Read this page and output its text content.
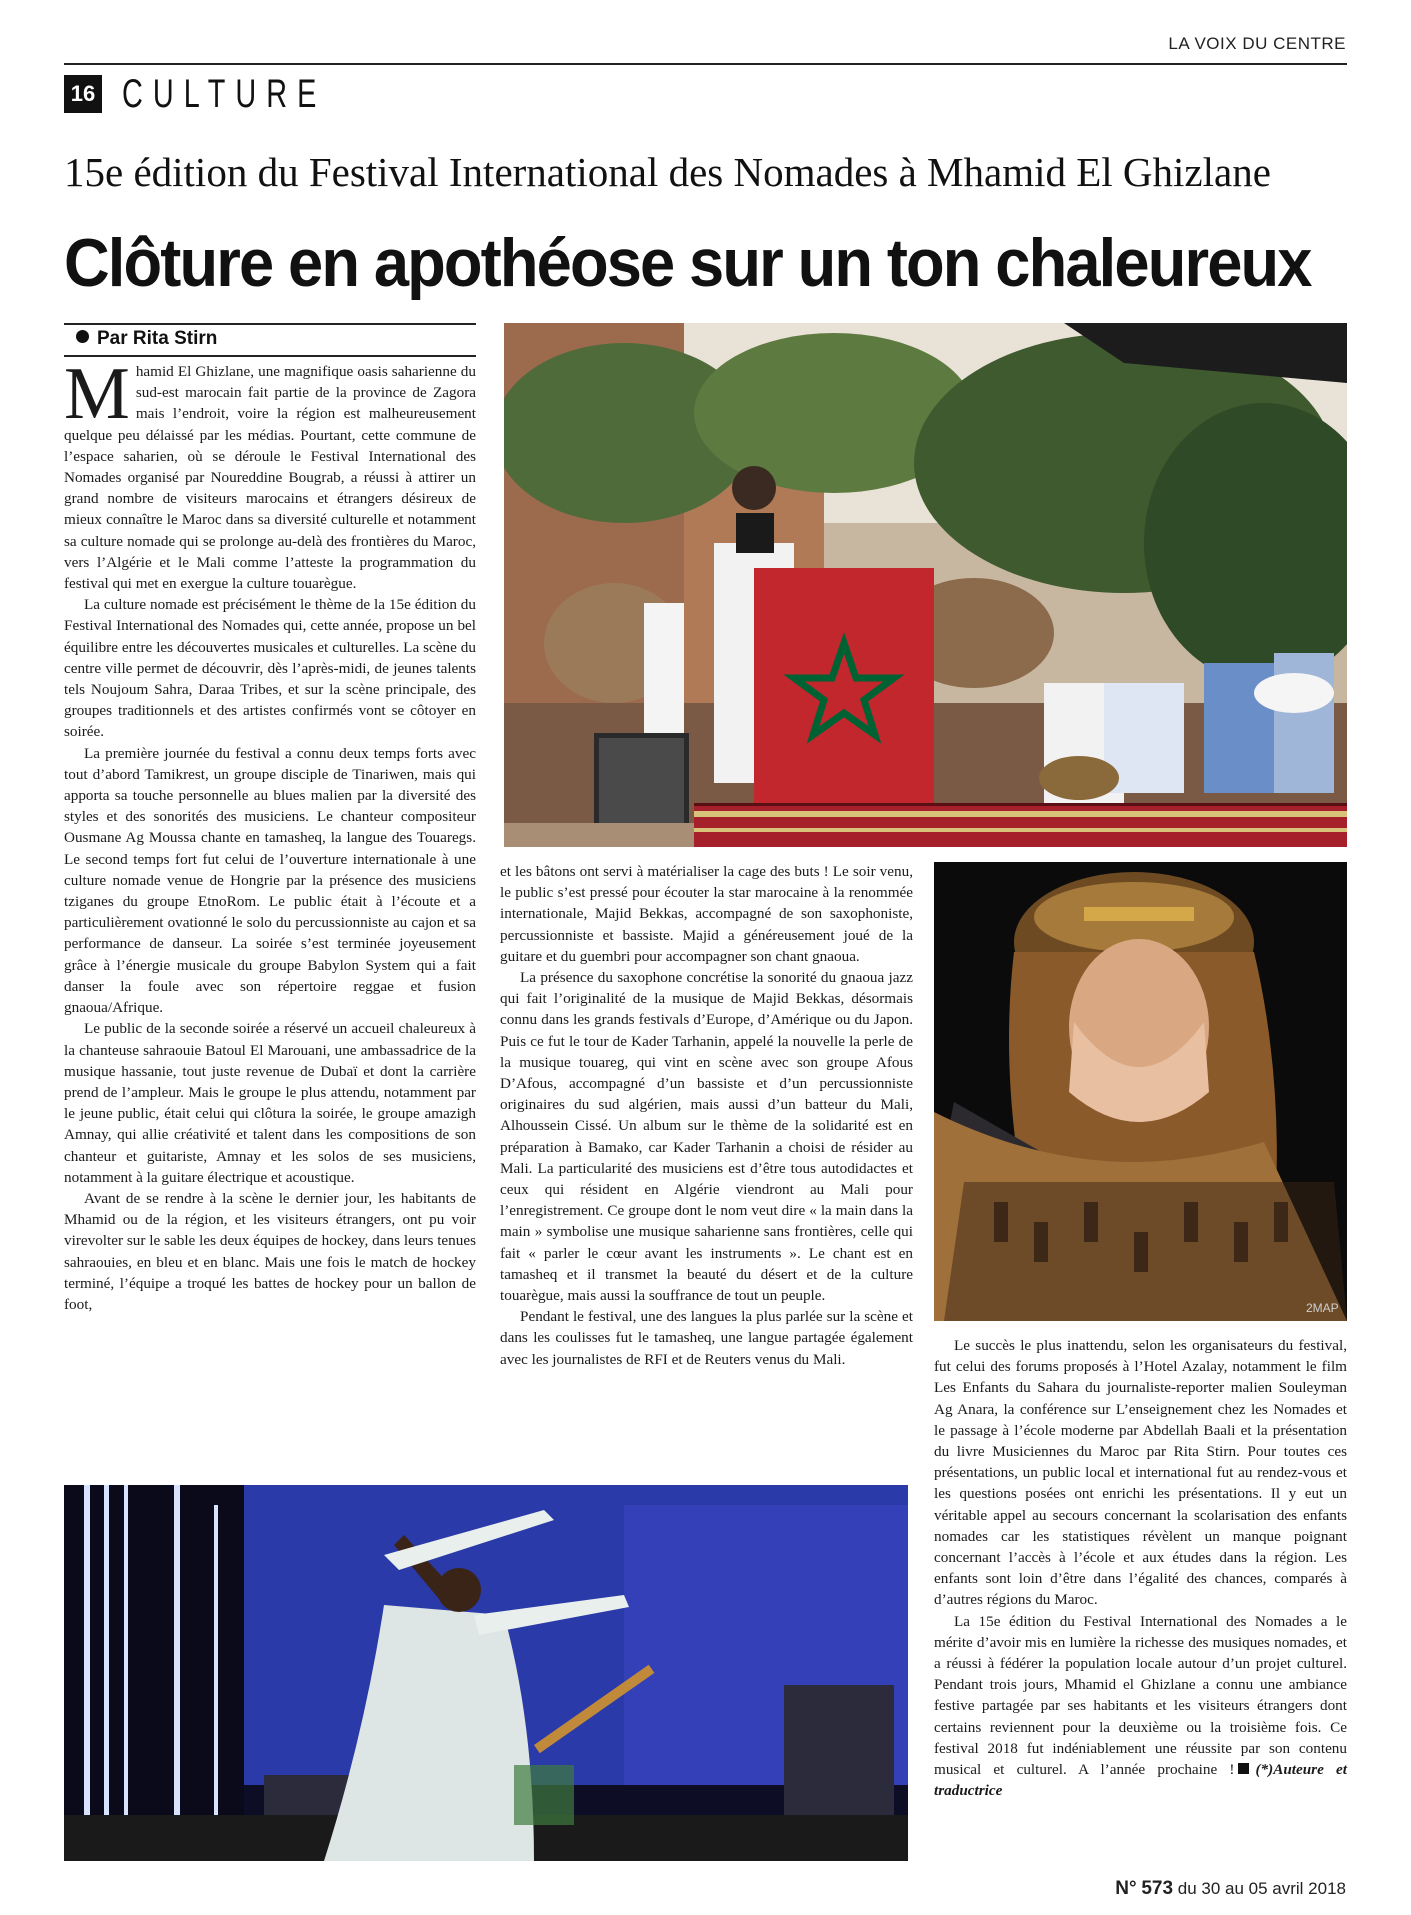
LA VOIX DU CENTRE
16 CULTURE
15e édition du Festival International des Nomades à Mhamid El Ghizlane
Clôture en apothéose sur un ton chaleureux
Par Rita Stirn

Mhamid El Ghizlane, une magnifique oasis saharienne du sud-est marocain fait partie de la province de Zagora mais l’endroit, voire la région est malheureusement quelque peu délaissé par les médias. Pourtant, cette commune de l’espace saharien, où se déroule le Festival International des Nomades organisé par Noureddine Bougrab, a réussi à attirer un grand nombre de visiteurs marocains et étrangers désireux de mieux connaître le Maroc dans sa diversité culturelle et notamment sa culture nomade qui se prolonge au-delà des frontières du Maroc, vers l’Algérie et le Mali comme l’atteste la programmation du festival qui met en exergue la culture touarègue.

La culture nomade est précisément le thème de la 15e édition du Festival International des Nomades qui, cette année, propose un bel équilibre entre les découvertes musicales et culturelles. La scène du centre ville permet de découvrir, dès l’après-midi, de jeunes talents tels Noujoum Sahra, Daraa Tribes, et sur la scène principale, des groupes traditionnels et des artistes confirmés vont se côtoyer en soirée.

La première journée du festival a connu deux temps forts avec tout d’abord Tamikrest, un groupe disciple de Tinariwen, mais qui apporta sa touche personnelle au blues malien par la diversité des styles et des sonorités des musiciens. Le chanteur compositeur Ousmane Ag Moussa chante en tamasheq, la langue des Touaregs. Le second temps fort fut celui de l’ouverture internationale à une culture nomade venue de Hongrie par la présence des musiciens tziganes du groupe EtnoRom. Le public était à l’écoute et a particulièrement ovationné le solo du percussionniste au cajon et sa performance de danseur. La soirée s’est terminée joyeusement grâce à l’énergie musicale du groupe Babylon System qui a fait danser la foule avec son répertoire reggae et fusion gnaoua/Afrique.

Le public de la seconde soirée a réservé un accueil chaleureux à la chanteuse sahraouie Batoul El Marouani, une ambassadrice de la musique hassanie, tout juste revenue de Dubaï et dont la carrière prend de l’ampleur. Mais le groupe le plus attendu, notamment par le jeune public, était celui qui clôtura la soirée, le groupe amazigh Amnay, qui allie créativité et talent dans les compositions de son chanteur et guitariste, Amnay et les solos de ses musiciens, notamment à la guitare électrique et acoustique.

Avant de se rendre à la scène le dernier jour, les habitants de Mhamid ou de la région, et les visiteurs étrangers, ont pu voir virevolter sur le sable les deux équipes de hockey, dans leurs tenues sahraouies, en bleu et en blanc. Mais une fois le match de hockey terminé, l’équipe a troqué les battes de hockey pour un ballon de foot,

et les bâtons ont servi à matérialiser la cage des buts ! Le soir venu, le public s’est pressé pour écouter la star marocaine à la renommée internationale, Majid Bekkas, accompagné de son saxophoniste, percussionniste et bassiste. Majid a généreusement joué de la guitare et du guembri pour accompagner son chant gnaoua.

La présence du saxophone concrétise la sonorité du gnaoua jazz qui fait l’originalité de la musique de Majid Bekkas, désormais connu dans les grands festivals d’Europe, d’Amérique ou du Japon. Puis ce fut le tour de Kader Tarhanin, appelé la nouvelle la perle de la musique touareg, qui vint en scène avec son groupe Afous D’Afous, accompagné d’un bassiste et d’un percussionniste originaires du sud algérien, mais aussi d’un batteur du Mali, Alhoussein Cissé. Un album sur le thème de la solidarité est en préparation à Bamako, car Kader Tarhanin a choisi de résider au Mali. La particularité des musiciens est d’être tous autodidactes et ceux qui résident en Algérie viendront au Mali pour l’enregistrement. Ce groupe dont le nom veut dire « la main dans la main » symbolise une musique saharienne sans frontières, celle qui fait « parler le cœur avant les instruments ». Le chant est en tamasheq et il transmet la beauté du désert et de la culture touarègue, mais aussi la souffrance de tout un peuple.

Pendant le festival, une des langues la plus parlée sur la scène et dans les coulisses fut le tamasheq, une langue partagée également avec les journalistes de RFI et de Reuters venus du Mali.

2MAP

Le succès le plus inattendu, selon les organisateurs du festival, fut celui des forums proposés à l’Hotel Azalay, notamment le film Les Enfants du Sahara du journaliste-reporter malien Souleyman Ag Anara, la conférence sur L’enseignement chez les Nomades et le passage à l’école moderne par Abdellah Baali et la présentation du livre Musiciennes du Maroc par Rita Stirn. Pour toutes ces présentations, un public local et international fut au rendez-vous et les questions posées ont enrichi les présentations. Il y eut un véritable appel au secours concernant la scolarisation des enfants nomades car les statistiques révèlent un manque poignant concernant l’accès à l’école et aux études dans la région. Les enfants sont loin d’être dans l’égalité des chances, comparés à d’autres régions du Maroc.

La 15e édition du Festival International des Nomades a le mérite d’avoir mis en lumière la richesse des musiques nomades, et a réussi à fédérer la population locale autour d’un projet culturel. Pendant trois jours, Mhamid el Ghizlane a connu une ambiance festive partagée par ses habitants et les visiteurs étrangers dont certains reviennent pour la deuxième ou la troisième fois. Ce festival 2018 fut indéniablement une réussite par son contenu musical et culturel. A l’année prochaine ! (*)Auteure et traductrice

N° 573 du 30 au 05 avril 2018
